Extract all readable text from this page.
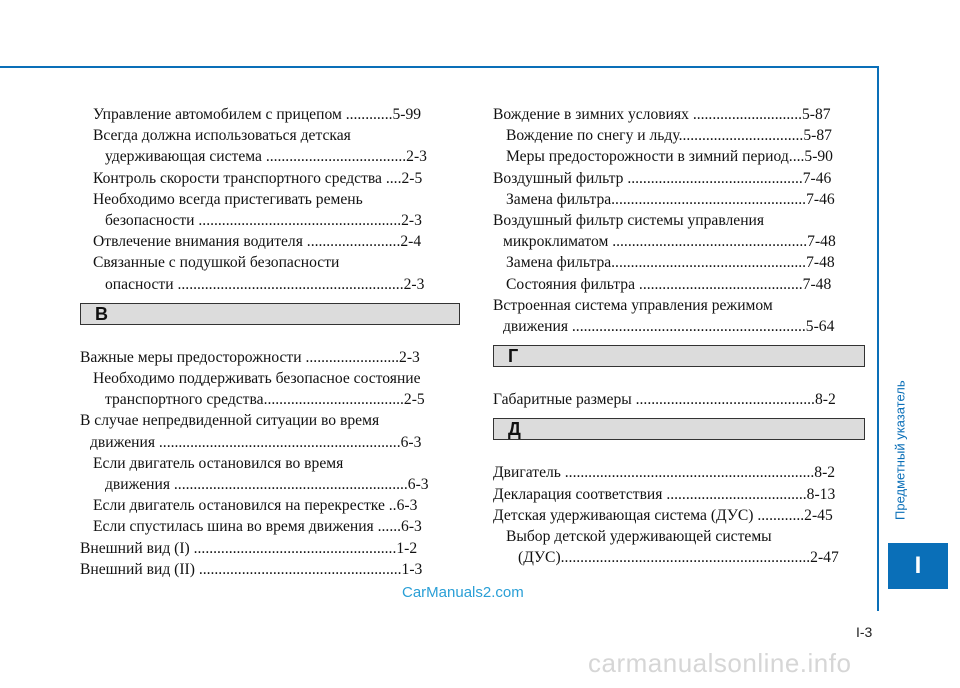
Предметный указатель
I
Управление автомобилем с прицепом ............5-99
Всегда должна использоваться детская
удерживающая система ....................................2-3
Контроль скорости транспортного средства ....2-5
Необходимо всегда пристегивать ремень
безопасности ....................................................2-3
Отвлечение внимания водителя ........................2-4
Связанные с подушкой безопасности
опасности ..........................................................2-3
В
Важные меры предосторожности ........................2-3
Необходимо поддерживать безопасное состояние
транспортного средства....................................2-5
В случае непредвиденной ситуации во время
движения ..............................................................6-3
Если двигатель остановился во время
движения ............................................................6-3
Если двигатель остановился на перекрестке ..6-3
Если спустилась шина во время движения ......6-3
Внешний вид (I) ....................................................1-2
Внешний вид (II) ....................................................1-3
Вождение в зимних условиях ............................5-87
Вождение по снегу и льду................................5-87
Меры предосторожности в зимний период....5-90
Воздушный фильтр .............................................7-46
Замена фильтра..................................................7-46
Воздушный фильтр системы управления
микроклиматом ..................................................7-48
Замена фильтра..................................................7-48
Состояния фильтра ..........................................7-48
Встроенная система управления режимом
движения ............................................................5-64
Г
Габаритные размеры ..............................................8-2
Д
Двигатель ................................................................8-2
Декларация соответствия ....................................8-13
Детская удерживающая система (ДУС) ............2-45
Выбор детской удерживающей системы
(ДУС)................................................................2-47
CarManuals2.com
I-3
carmanualsonline.info
